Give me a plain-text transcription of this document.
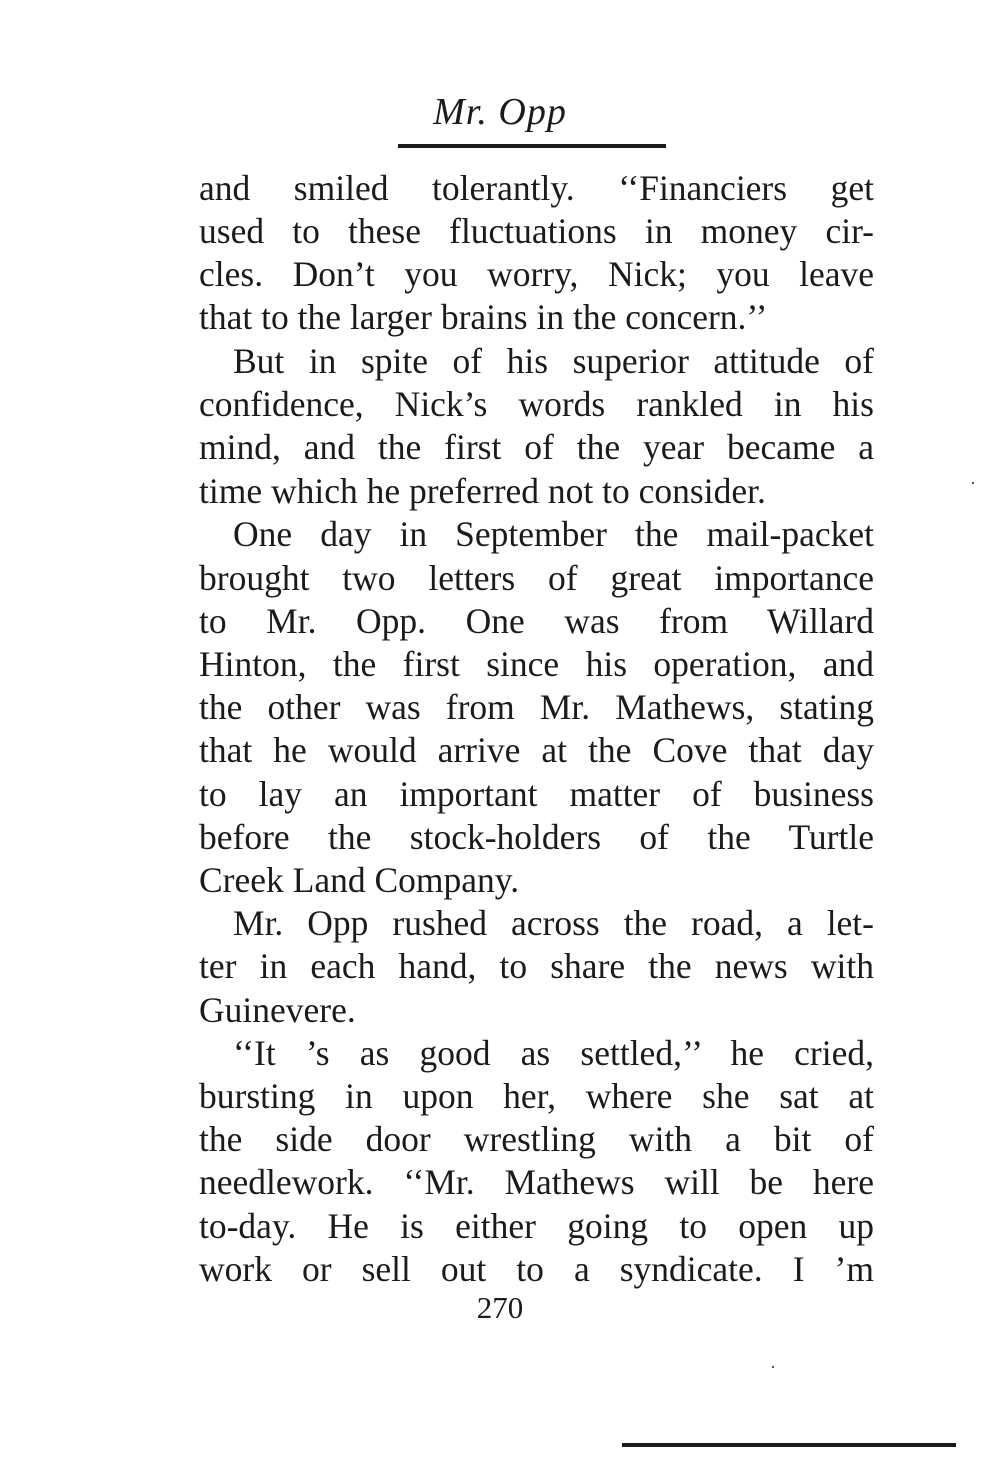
Mr. Opp
and smiled tolerantly. ‘‘Financiers get
used to these fluctuations in money cir-
cles. Don’t you worry, Nick; you leave
that to the larger brains in the concern.’’
But in spite of his superior attitude of
confidence, Nick’s words rankled in his
mind, and the first of the year became a
time which he preferred not to consider.
One day in September the mail-packet
brought two letters of great importance
to Mr. Opp. One was from Willard
Hinton, the first since his operation, and
the other was from Mr. Mathews, stating
that he would arrive at the Cove that day
to lay an important matter of business
before the stock-holders of the Turtle
Creek Land Company.
Mr. Opp rushed across the road, a let-
ter in each hand, to share the news with
Guinevere.
‘‘It ’s as good as settled,’’ he cried,
bursting in upon her, where she sat at
the side door wrestling with a bit of
needlework. ‘‘Mr. Mathews will be here
to-day. He is either going to open up
work or sell out to a syndicate. I ’m
270
